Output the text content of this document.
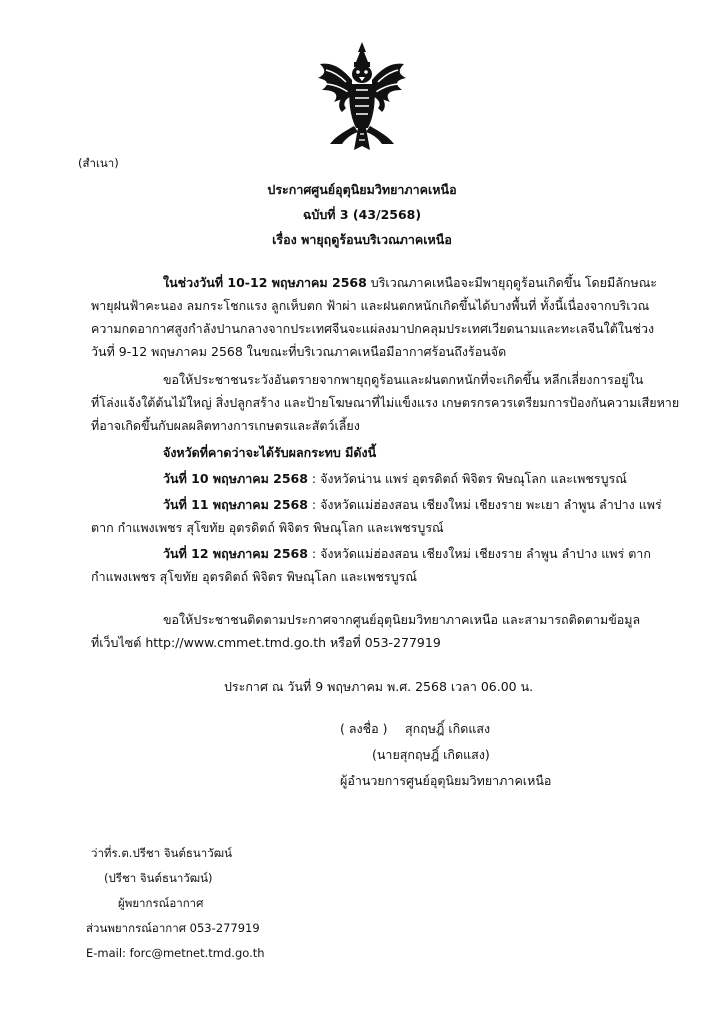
(สำเนา)
ประกาศศูนย์อุตุนิยมวิทยาภาคเหนือ
ฉบับที่ 3 (43/2568)
เรื่อง พายุฤดูร้อนบริเวณภาคเหนือ
ในช่วงวันที่ 10-12 พฤษภาคม 2568 บริเวณภาคเหนือจะมีพายุฤดูร้อนเกิดขึ้น โดยมีลักษณะ
พายุฝนฟ้าคะนอง ลมกระโชกแรง ลูกเห็บตก ฟ้าผ่า และฝนตกหนักเกิดขึ้นได้บางพื้นที่ ทั้งนี้เนื่องจากบริเวณ
ความกดอากาศสูงกำลังปานกลางจากประเทศจีนจะแผ่ลงมาปกคลุมประเทศเวียดนามและทะเลจีนใต้ในช่วง
วันที่ 9-12 พฤษภาคม 2568 ในขณะที่บริเวณภาคเหนือมีอากาศร้อนถึงร้อนจัด
ขอให้ประชาชนระวังอันตรายจากพายุฤดูร้อนและฝนตกหนักที่จะเกิดขึ้น หลีกเลี่ยงการอยู่ใน
ที่โล่งแจ้งใต้ต้นไม้ใหญ่ สิ่งปลูกสร้าง และป้ายโฆษณาที่ไม่แข็งแรง เกษตรกรควรเตรียมการป้องกันความเสียหาย
ที่อาจเกิดขึ้นกับผลผลิตทางการเกษตรและสัตว์เลี้ยง
จังหวัดที่คาดว่าจะได้รับผลกระทบ มีดังนี้
วันที่ 10 พฤษภาคม 2568 : จังหวัดน่าน แพร่ อุตรดิตถ์ พิจิตร พิษณุโลก และเพชรบูรณ์
วันที่ 11 พฤษภาคม 2568 : จังหวัดแม่ฮ่องสอน เชียงใหม่ เชียงราย พะเยา ลำพูน ลำปาง แพร่
ตาก กำแพงเพชร สุโขทัย อุตรดิตถ์ พิจิตร พิษณุโลก และเพชรบูรณ์
วันที่ 12 พฤษภาคม 2568 : จังหวัดแม่ฮ่องสอน เชียงใหม่ เชียงราย ลำพูน ลำปาง แพร่ ตาก
กำแพงเพชร สุโขทัย อุตรดิตถ์ พิจิตร พิษณุโลก และเพชรบูรณ์
ขอให้ประชาชนติดตามประกาศจากศูนย์อุตุนิยมวิทยาภาคเหนือ และสามารถติดตามข้อมูล
ที่เว็บไซต์ http://www.cmmet.tmd.go.th หรือที่ 053-277919
ประกาศ ณ วันที่ 9 พฤษภาคม พ.ศ. 2568 เวลา 06.00 น.
( ลงชื่อ ) สุกฤษฎิ์ เกิดแสง
(นายสุกฤษฎิ์ เกิดแสง)
ผู้อำนวยการศูนย์อุตุนิยมวิทยาภาคเหนือ
ว่าที่ร.ต.ปรีชา จินต์ธนาวัฒน์
(ปรีชา จินต์ธนาวัฒน์)
ผู้พยากรณ์อากาศ
ส่วนพยากรณ์อากาศ 053-277919
E-mail: forc@metnet.tmd.go.th
